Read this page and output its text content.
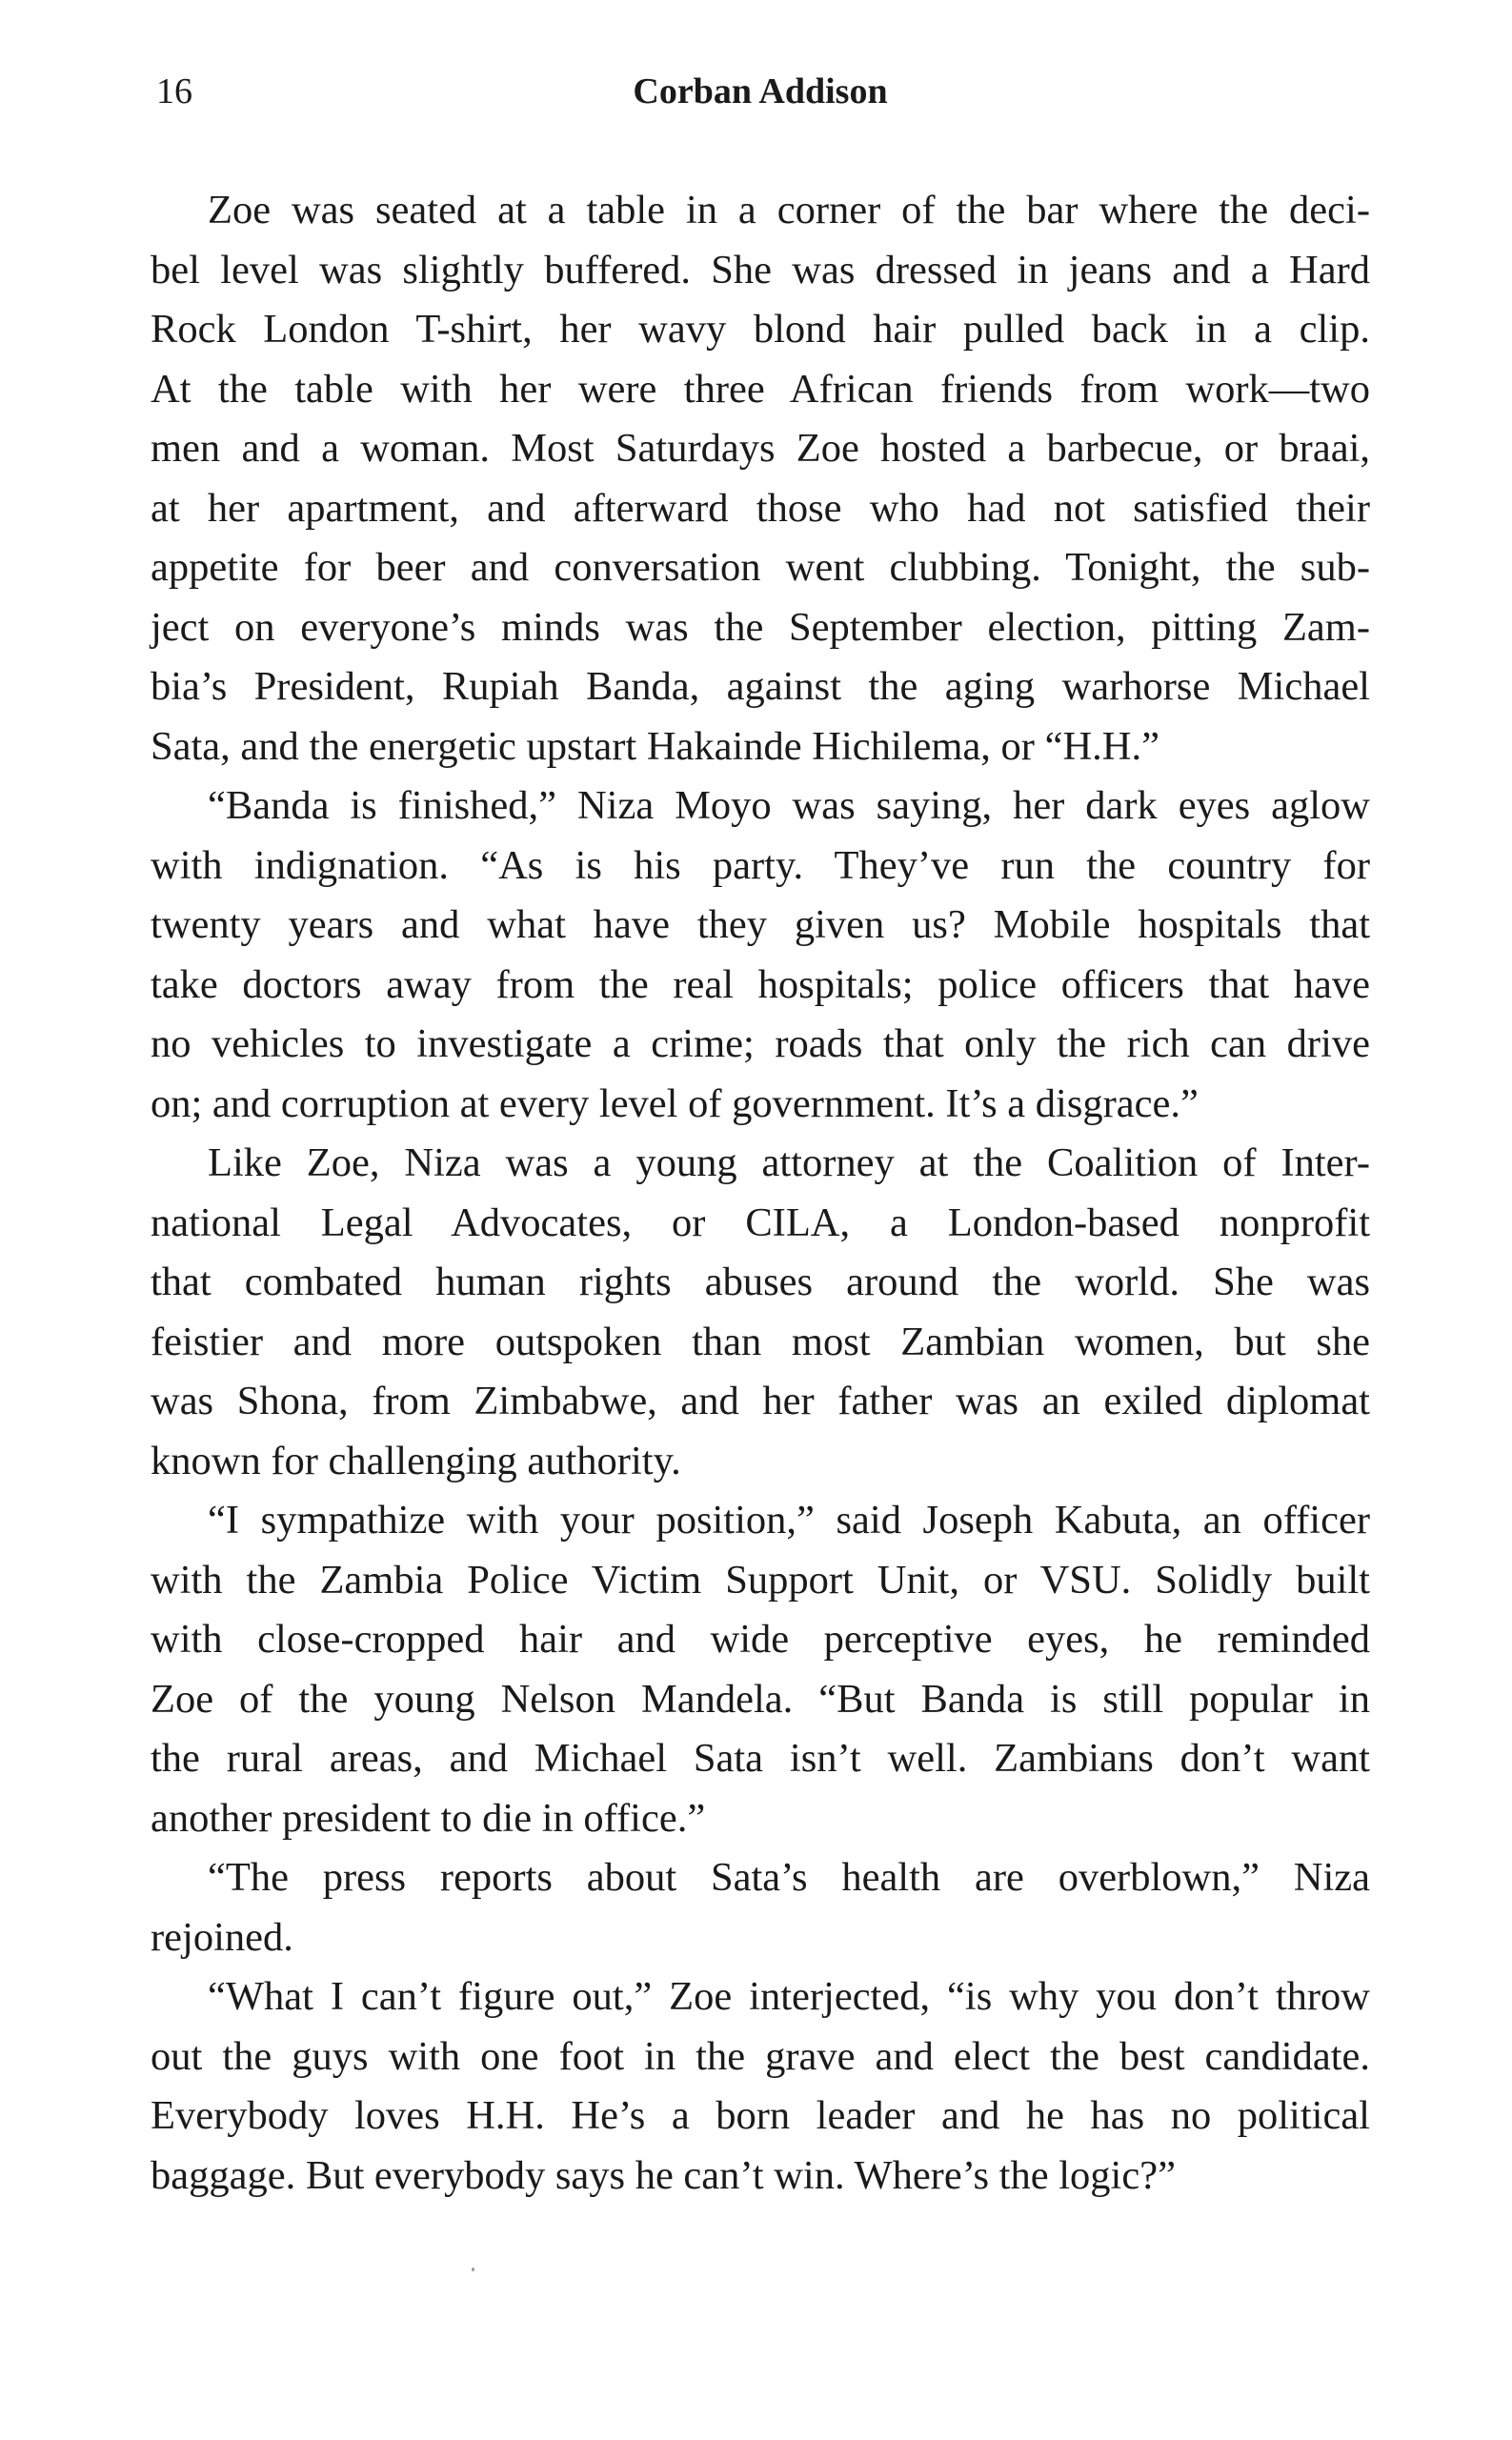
16	Corban Addison

Zoe was seated at a table in a corner of the bar where the deci-
bel level was slightly buffered. She was dressed in jeans and a Hard
Rock London T-shirt, her wavy blond hair pulled back in a clip.
At the table with her were three African friends from work—two
men and a woman. Most Saturdays Zoe hosted a barbecue, or braai,
at her apartment, and afterward those who had not satisfied their
appetite for beer and conversation went clubbing. Tonight, the sub-
ject on everyone’s minds was the September election, pitting Zam-
bia’s President, Rupiah Banda, against the aging warhorse Michael
Sata, and the energetic upstart Hakainde Hichilema, or “H.H.”

“Banda is finished,” Niza Moyo was saying, her dark eyes aglow
with indignation. “As is his party. They’ve run the country for
twenty years and what have they given us? Mobile hospitals that
take doctors away from the real hospitals; police officers that have
no vehicles to investigate a crime; roads that only the rich can drive
on; and corruption at every level of government. It’s a disgrace.”

Like Zoe, Niza was a young attorney at the Coalition of Inter-
national Legal Advocates, or CILA, a London-based nonprofit
that combated human rights abuses around the world. She was
feistier and more outspoken than most Zambian women, but she
was Shona, from Zimbabwe, and her father was an exiled diplomat
known for challenging authority.

“I sympathize with your position,” said Joseph Kabuta, an officer
with the Zambia Police Victim Support Unit, or VSU. Solidly built
with close-cropped hair and wide perceptive eyes, he reminded
Zoe of the young Nelson Mandela. “But Banda is still popular in
the rural areas, and Michael Sata isn’t well. Zambians don’t want
another president to die in office.”

“The press reports about Sata’s health are overblown,” Niza
rejoined.

“What I can’t figure out,” Zoe interjected, “is why you don’t throw
out the guys with one foot in the grave and elect the best candidate.
Everybody loves H.H. He’s a born leader and he has no political
baggage. But everybody says he can’t win. Where’s the logic?”
